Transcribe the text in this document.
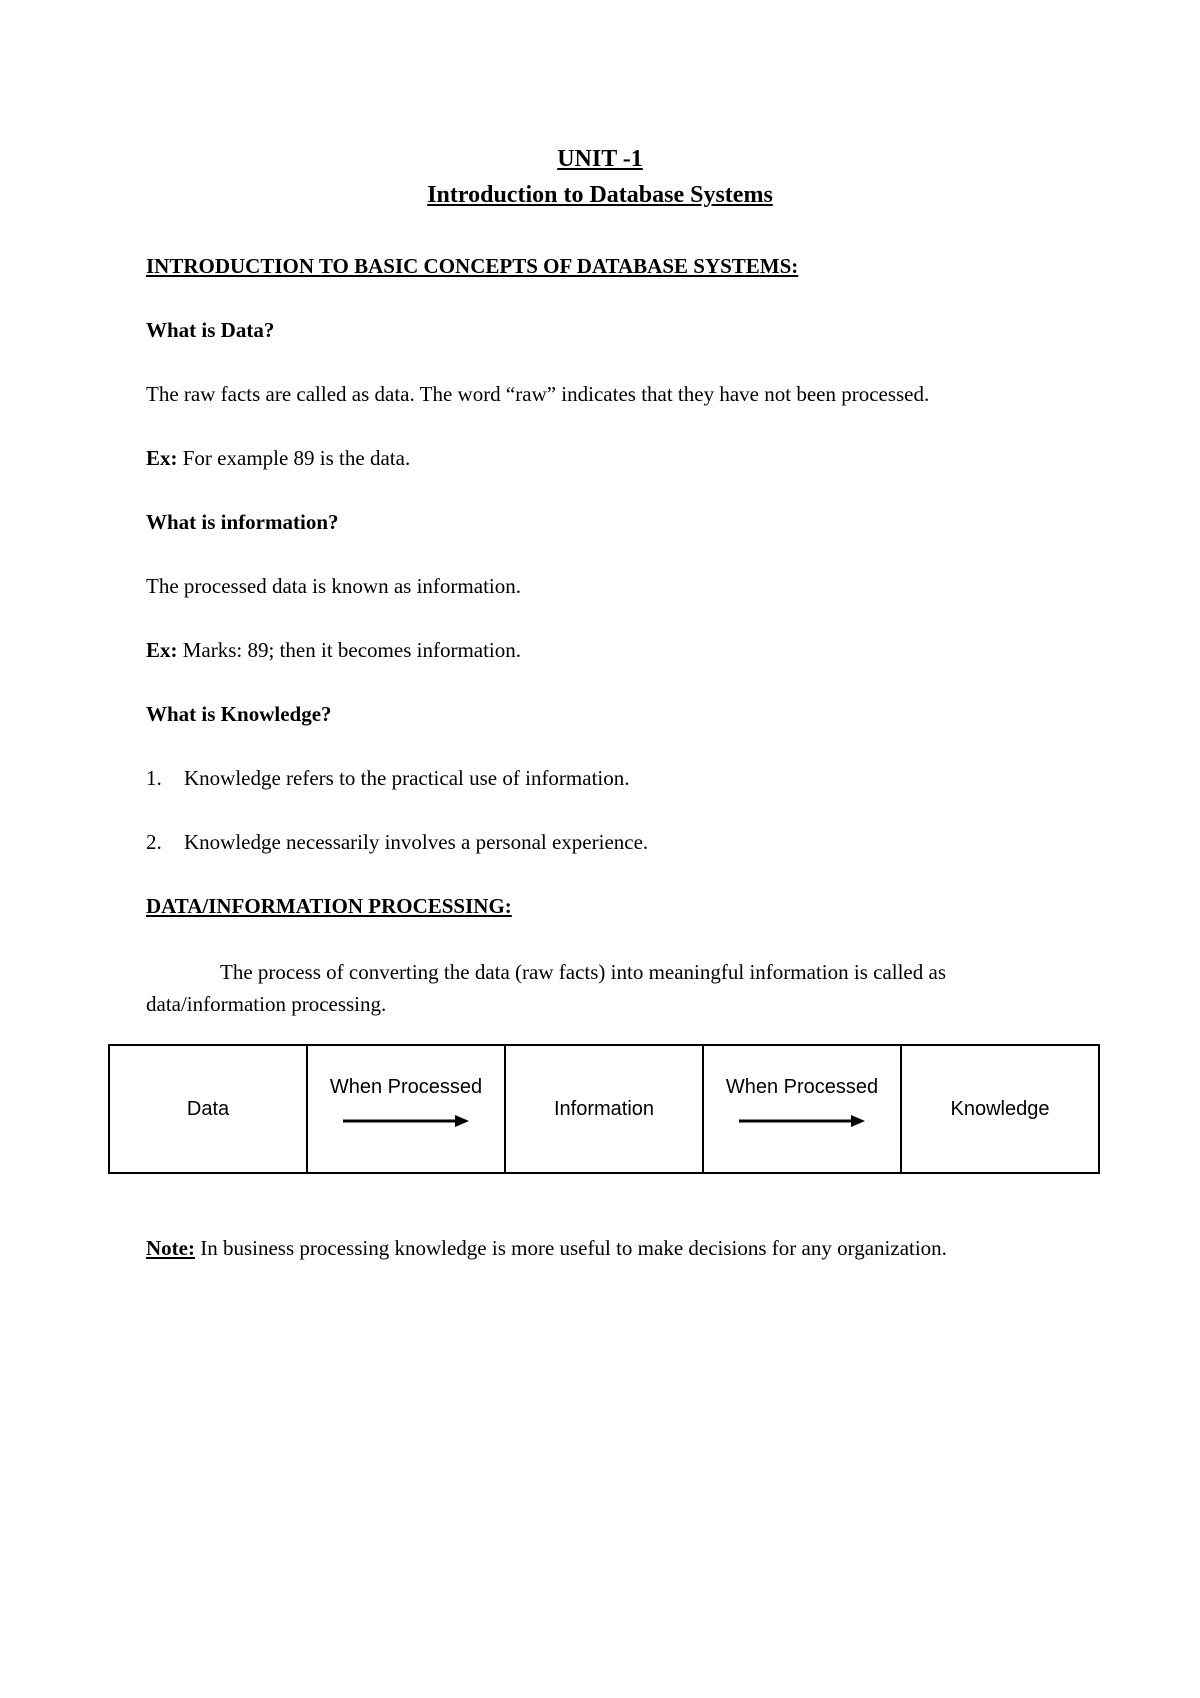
UNIT -1
Introduction to Database Systems
INTRODUCTION TO BASIC CONCEPTS OF DATABASE SYSTEMS:
What is Data?
The raw facts are called as data. The word “raw” indicates that they have not been processed.
Ex: For example 89 is the data.
What is information?
The processed data is known as information.
Ex: Marks: 89; then it becomes information.
What is Knowledge?
1. Knowledge refers to the practical use of information.
2. Knowledge necessarily involves a personal experience.
DATA/INFORMATION PROCESSING:
The process of converting the data (raw facts) into meaningful information is called as data/information processing.
Data	
When Processed
	Information	
When Processed
	Knowledge
Note: In business processing knowledge is more useful to make decisions for any organization.
